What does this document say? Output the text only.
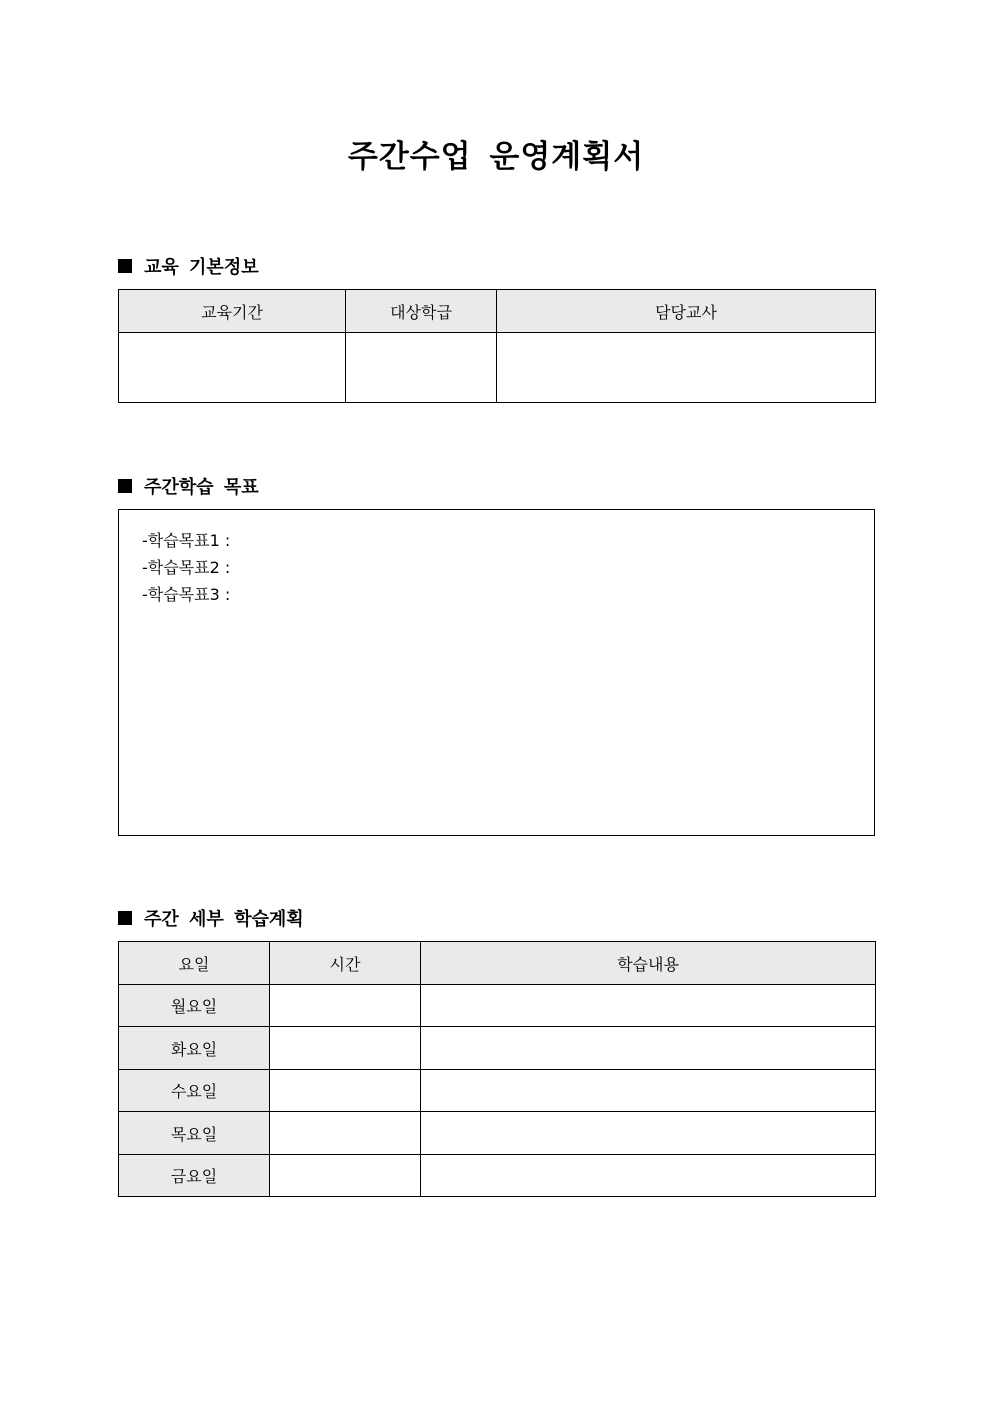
주간수업 운영계획서
교육 기본정보
교육기간	대상학급	담당교사

주간학습 목표
-학습목표1 :
-학습목표2 :
-학습목표3 :
주간 세부 학습계획
요일	시간	학습내용
월요일		
화요일		
수요일		
목요일		
금요일		
